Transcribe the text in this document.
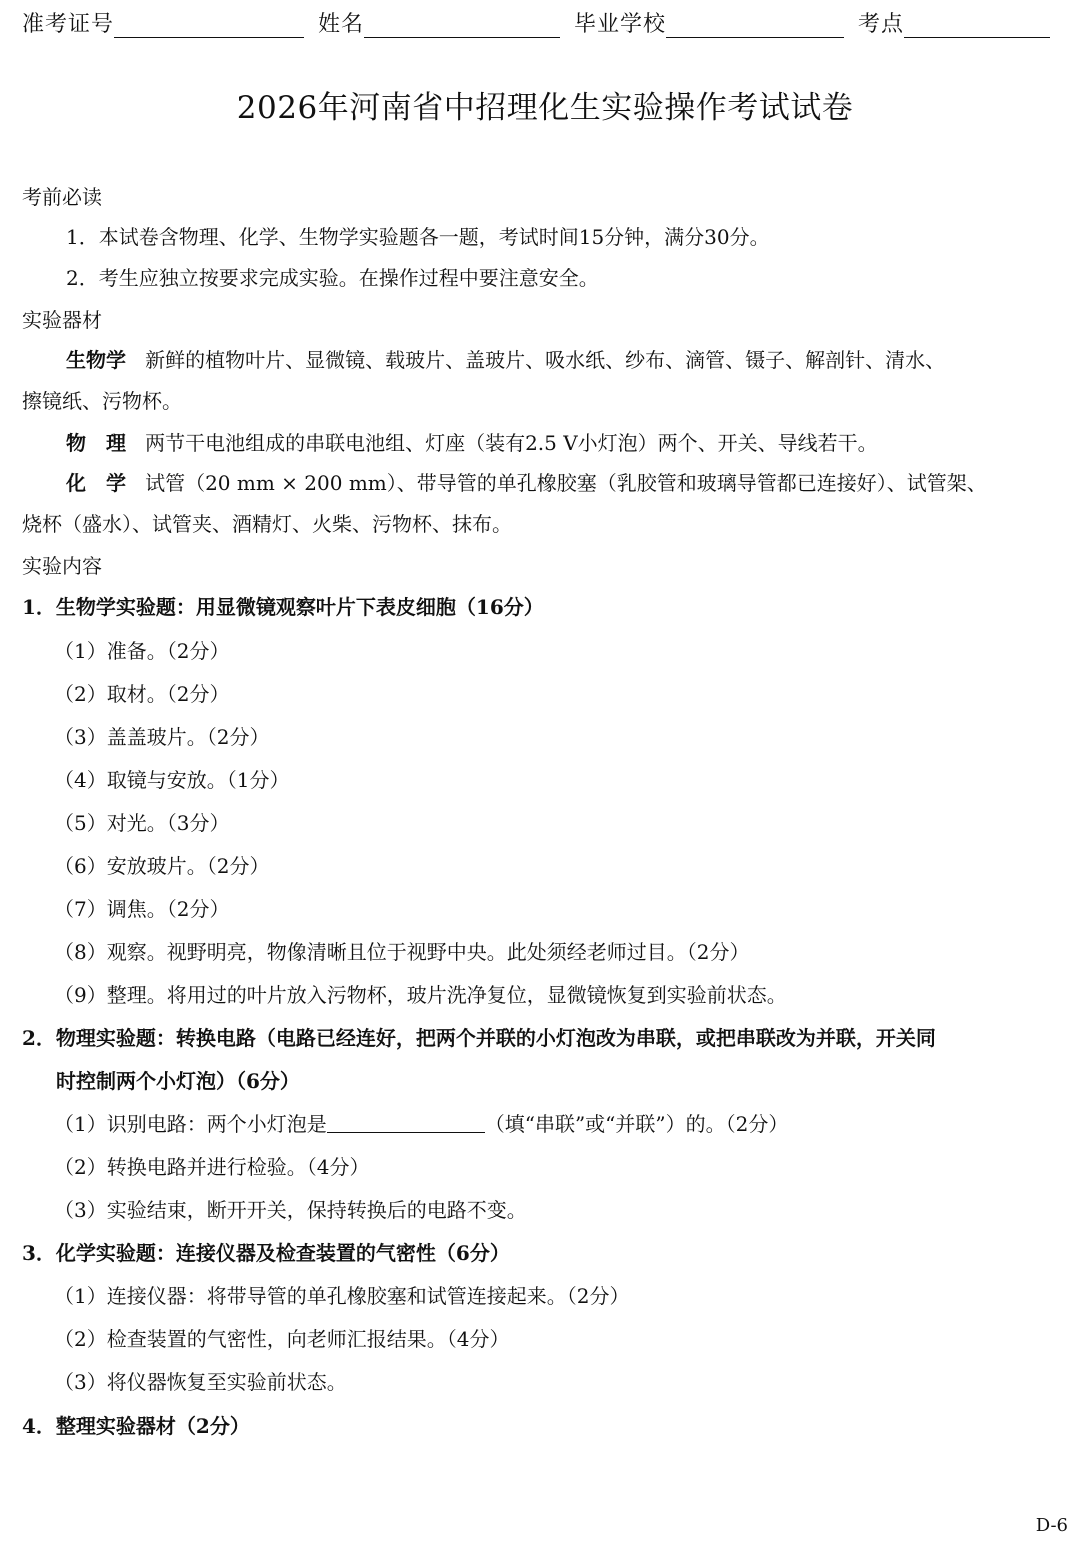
准考证号	姓名	毕业学校	考点
2026年河南省中招理化生实验操作考试试卷
考前必读
1．本试卷含物理、化学、生物学实验题各一题，考试时间15分钟，满分30分。
2．考生应独立按要求完成实验。在操作过程中要注意安全。
实验器材
生物学 新鲜的植物叶片、显微镜、载玻片、盖玻片、吸水纸、纱布、滴管、镊子、解剖针、清水、
擦镜纸、污物杯。
物　理 两节干电池组成的串联电池组、灯座（装有2.5 V小灯泡）两个、开关、导线若干。
化　学 试管（20 mm × 200 mm）、带导管的单孔橡胶塞（乳胶管和玻璃导管都已连接好）、试管架、
烧杯（盛水）、试管夹、酒精灯、火柴、污物杯、抹布。
实验内容
1．生物学实验题：用显微镜观察叶片下表皮细胞（16分）
（1）准备。（2分）
（2）取材。（2分）
（3）盖盖玻片。（2分）
（4）取镜与安放。（1分）
（5）对光。（3分）
（6）安放玻片。（2分）
（7）调焦。（2分）
（8）观察。视野明亮，物像清晰且位于视野中央。此处须经老师过目。（2分）
（9）整理。将用过的叶片放入污物杯，玻片洗净复位，显微镜恢复到实验前状态。
2．物理实验题：转换电路（电路已经连好，把两个并联的小灯泡改为串联，或把串联改为并联，开关同
时控制两个小灯泡）（6分）
（1）识别电路：两个小灯泡是	（填“串联”或“并联”）的。（2分）
（2）转换电路并进行检验。（4分）
（3）实验结束，断开开关，保持转换后的电路不变。
3．化学实验题：连接仪器及检查装置的气密性（6分）
（1）连接仪器：将带导管的单孔橡胶塞和试管连接起来。（2分）
（2）检查装置的气密性，向老师汇报结果。（4分）
（3）将仪器恢复至实验前状态。
4．整理实验器材（2分）
D-6
